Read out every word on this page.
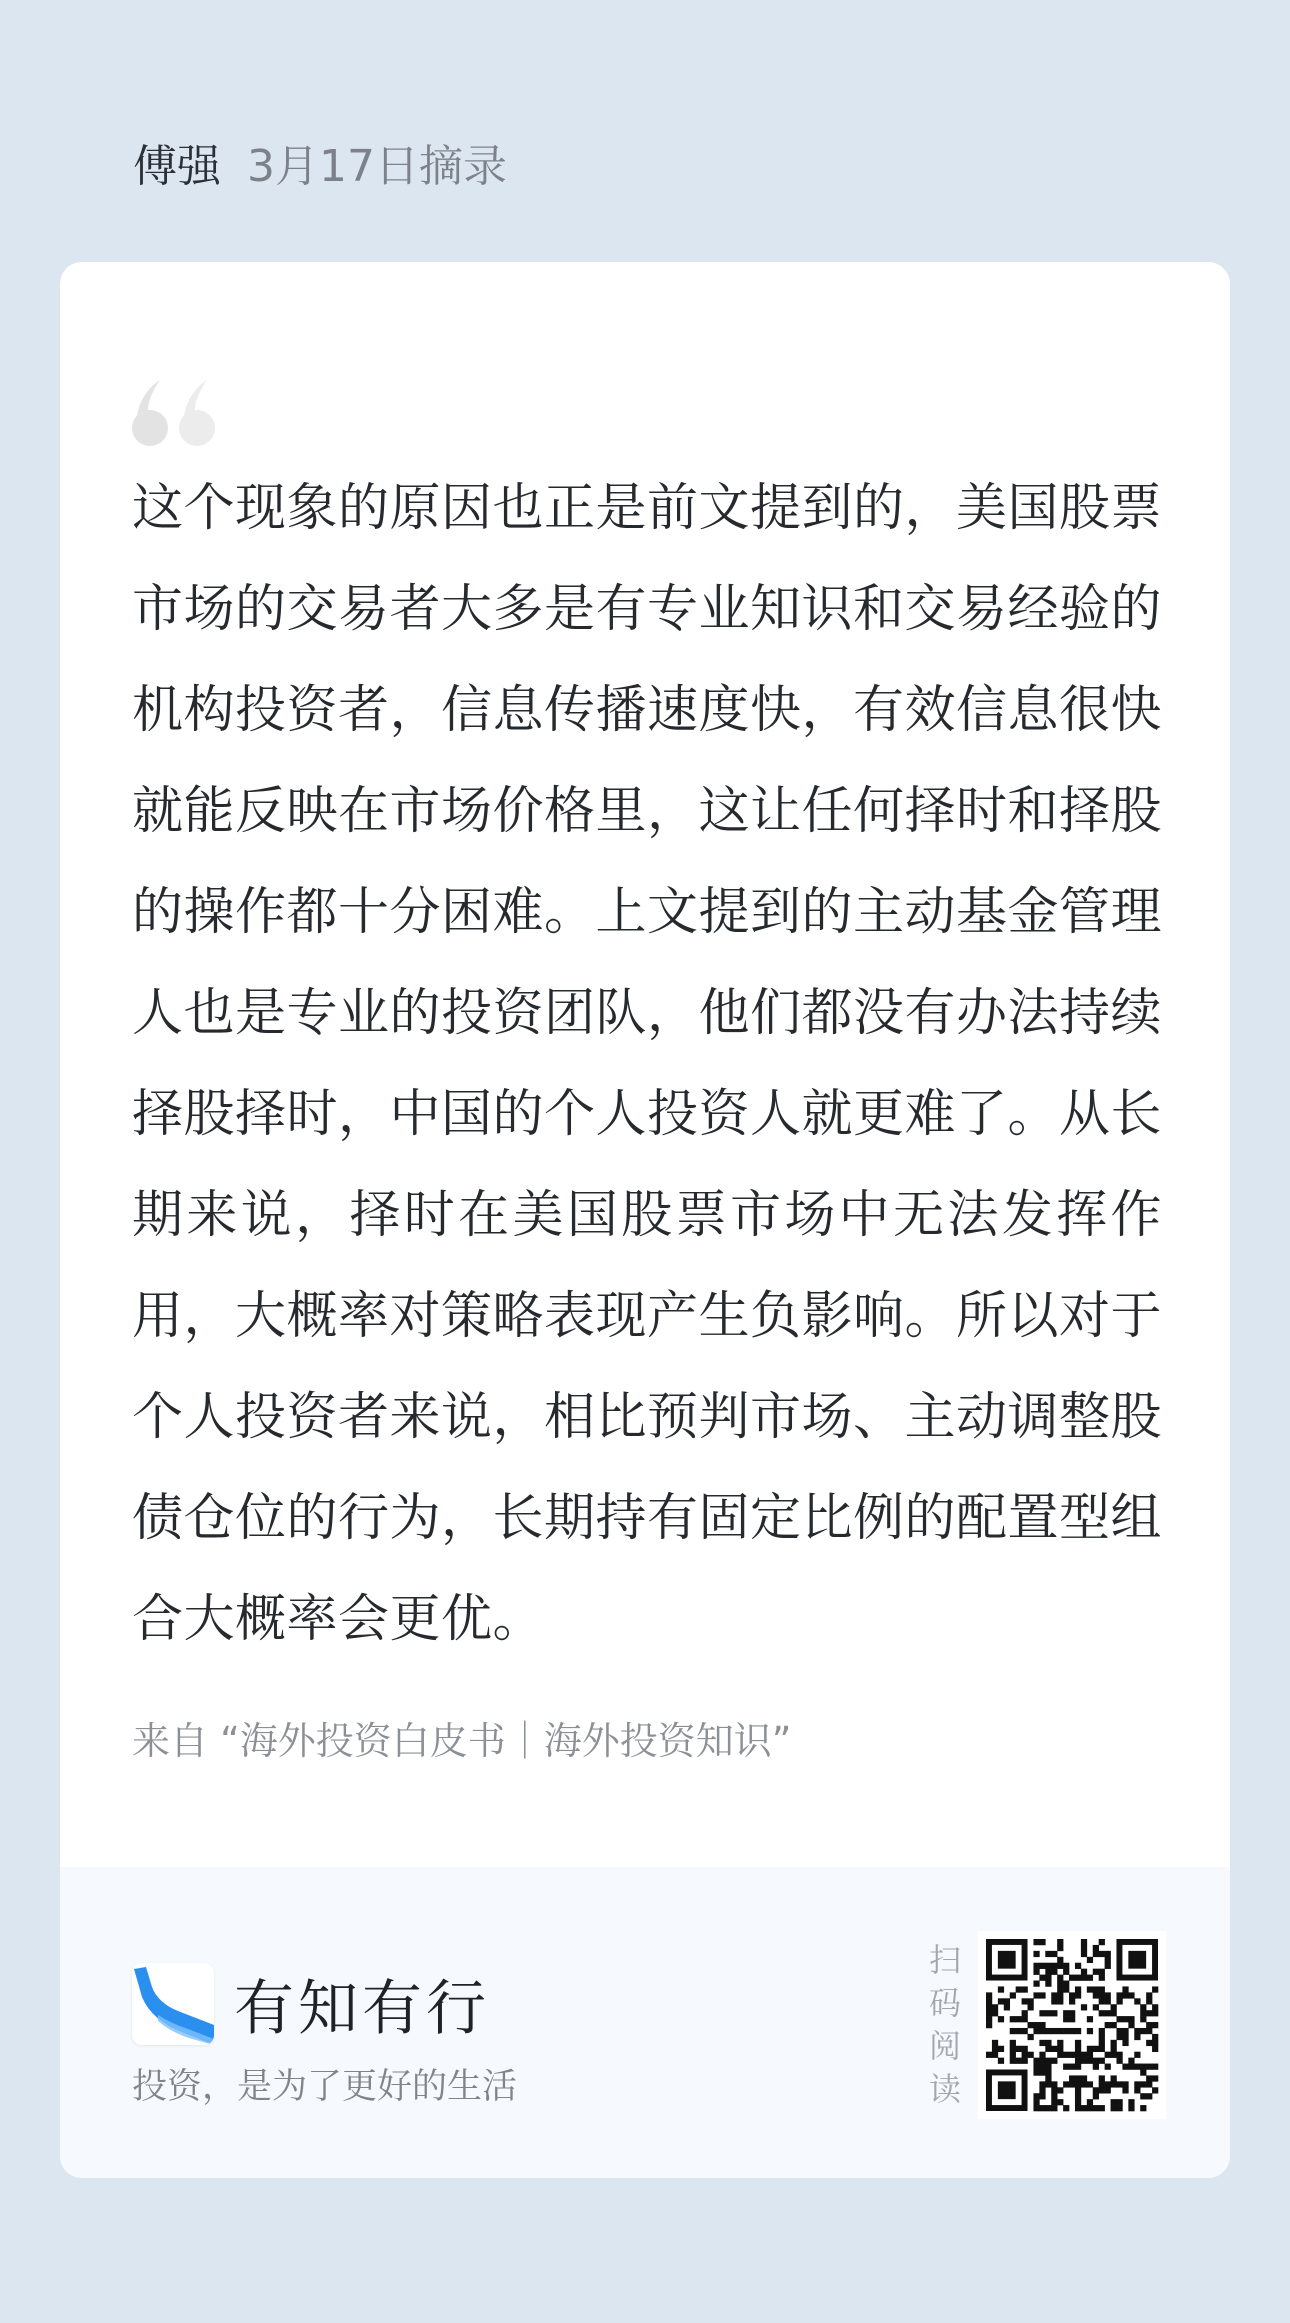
傅强 3月17日摘录
这个现象的原因也正是前文提到的，美国股票市场的交易者大多是有专业知识和交易经验的机构投资者，信息传播速度快，有效信息很快就能反映在市场价格里，这让任何择时和择股的操作都十分困难。上文提到的主动基金管理人也是专业的投资团队，他们都没有办法持续择股择时，中国的个人投资人就更难了。从长期来说，择时在美国股票市场中无法发挥作用，大概率对策略表现产生负影响。所以对于个人投资者来说，相比预判市场、主动调整股债仓位的行为，长期持有固定比例的配置型组合大概率会更优。
来自 “海外投资白皮书｜海外投资知识”
有知有行
投资，是为了更好的生活
扫
码
阅
读
